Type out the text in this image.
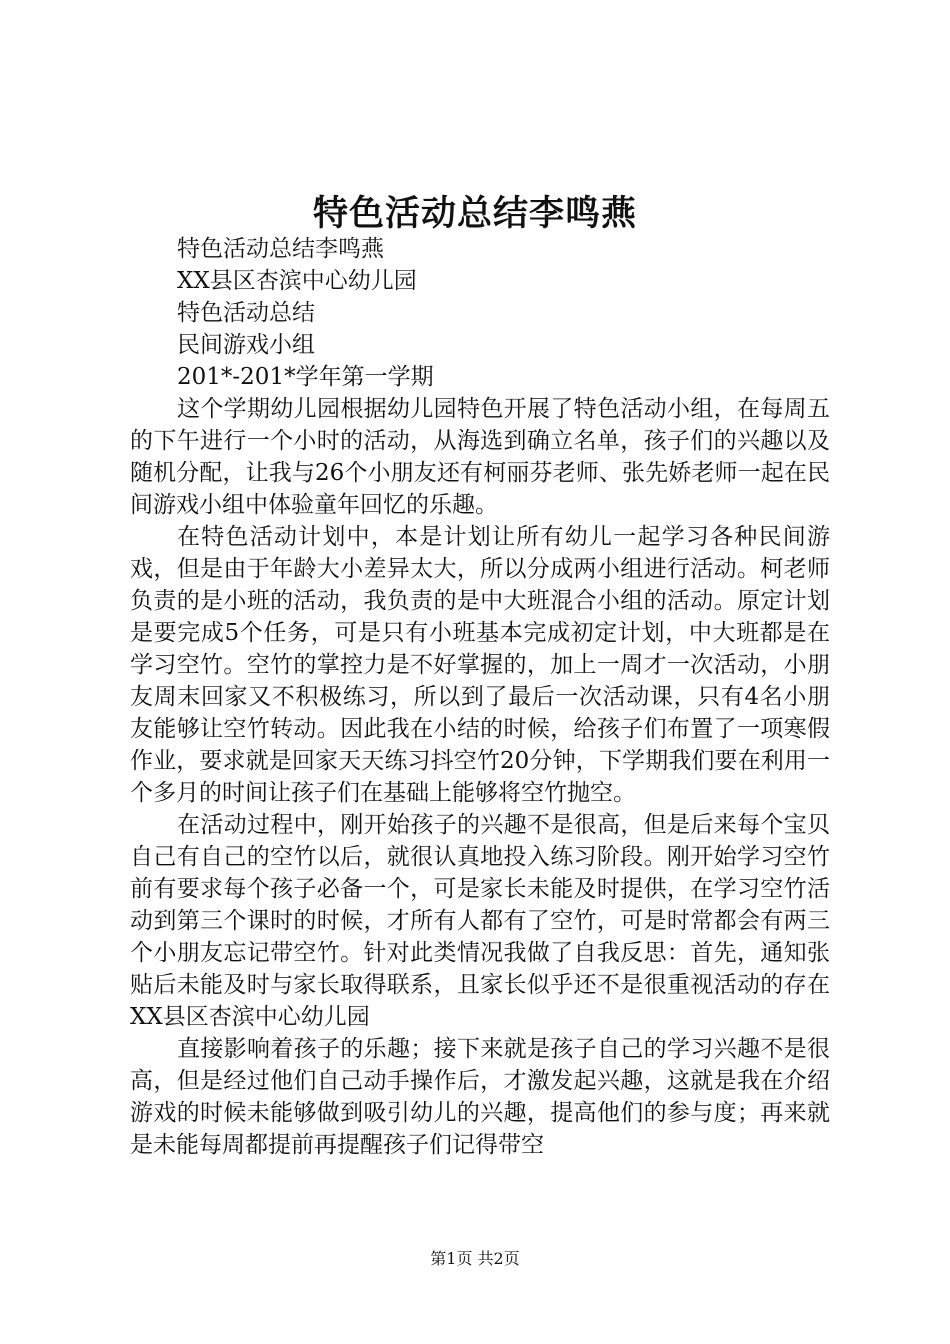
特色活动总结李鸣燕

特色活动总结李鸣燕

XX县区杏滨中心幼儿园

特色活动总结

民间游戏小组

201*-201*学年第一学期

这个学期幼儿园根据幼儿园特色开展了特色活动小组，在每周五的下午进行一个小时的活动，从海选到确立名单，孩子们的兴趣以及随机分配，让我与26个小朋友还有柯丽芬老师、张先娇老师一起在民间游戏小组中体验童年回忆的乐趣。

在特色活动计划中，本是计划让所有幼儿一起学习各种民间游戏，但是由于年龄大小差异太大，所以分成两小组进行活动。柯老师负责的是小班的活动，我负责的是中大班混合小组的活动。原定计划是要完成5个任务，可是只有小班基本完成初定计划，中大班都是在学习空竹。空竹的掌控力是不好掌握的，加上一周才一次活动，小朋友周末回家又不积极练习，所以到了最后一次活动课，只有4名小朋友能够让空竹转动。因此我在小结的时候，给孩子们布置了一项寒假作业，要求就是回家天天练习抖空竹20分钟，下学期我们要在利用一个多月的时间让孩子们在基础上能够将空竹抛空。

在活动过程中，刚开始孩子的兴趣不是很高，但是后来每个宝贝自己有自己的空竹以后，就很认真地投入练习阶段。刚开始学习空竹前有要求每个孩子必备一个，可是家长未能及时提供，在学习空竹活动到第三个课时的时候，才所有人都有了空竹，可是时常都会有两三个小朋友忘记带空竹。针对此类情况我做了自我反思：首先，通知张贴后未能及时与家长取得联系，且家长似乎还不是很重视活动的存在XX县区杏滨中心幼儿园

直接影响着孩子的乐趣；接下来就是孩子自己的学习兴趣不是很高，但是经过他们自己动手操作后，才激发起兴趣，这就是我在介绍游戏的时候未能够做到吸引幼儿的兴趣，提高他们的参与度；再来就是未能每周都提前再提醒孩子们记得带空

第1页 共2页
